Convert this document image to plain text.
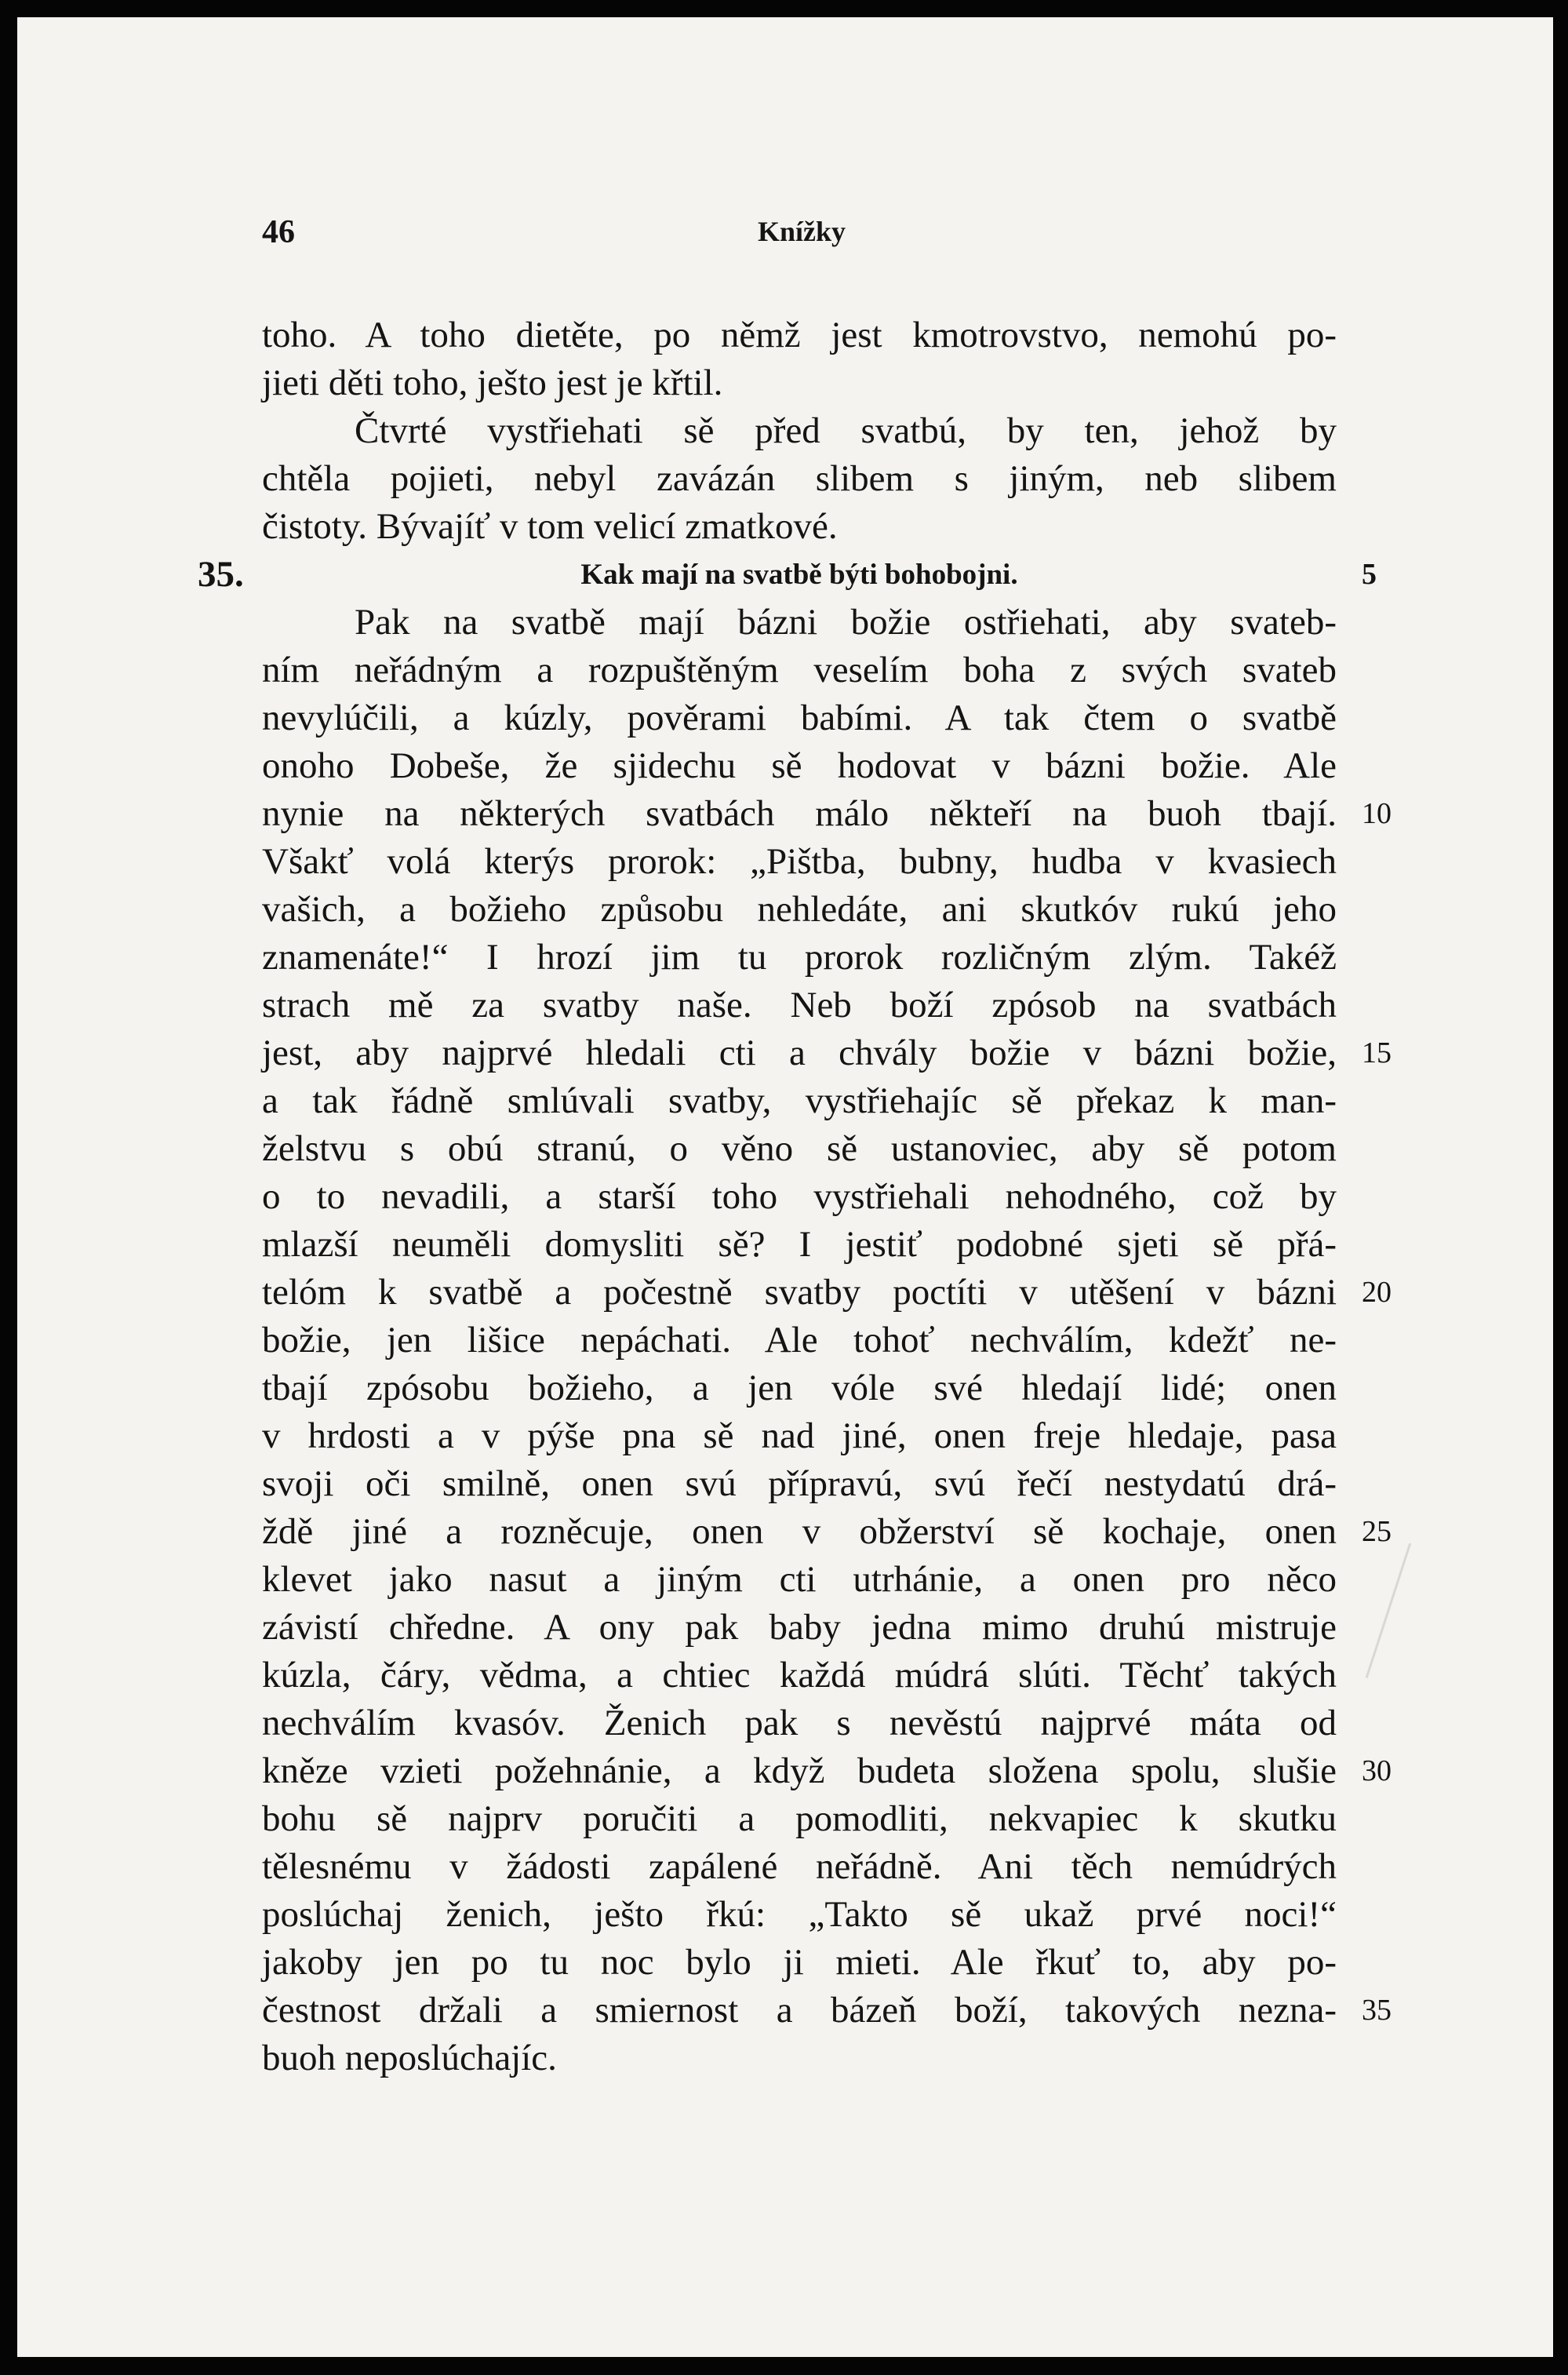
46	Knížky
toho. A toho dietěte, po němž jest kmotrovstvo, nemohú po-
jieti děti toho, ješto jest je křtil.
Čtvrté vystřiehati sě před svatbú, by ten, jehož by
chtěla pojieti, nebyl zavázán slibem s jiným, neb slibem
čistoty. Bývajíť v tom velicí zmatkové.
35.	Kak mají na svatbě býti bohobojni.	5
Pak na svatbě mají bázni božie ostřiehati, aby svateb-
ním neřádným a rozpuštěným veselím boha z svých svateb
nevylúčili, a kúzly, pověrami babími. A tak čtem o svatbě
onoho Dobeše, že sjidechu sě hodovat v bázni božie. Ale
nynie na některých svatbách málo někteří na buoh tbají. 10
Všakť volá kterýs prorok: „Pištba, bubny, hudba v kvasiech
vašich, a božieho způsobu nehledáte, ani skutkóv rukú jeho
znamenáte!“ I hrozí jim tu prorok rozličným zlým. Takéž
strach mě za svatby naše. Neb boží zpósob na svatbách
jest, aby najprvé hledali cti a chvály božie v bázni božie, 15
a tak řádně smlúvali svatby, vystřiehajíc sě překaz k man-
želstvu s obú stranú, o věno sě ustanoviec, aby sě potom
o to nevadili, a starší toho vystřiehali nehodného, což by
mlazší neuměli domysliti sě? I jestiť podobné sjeti sě přá-
telóm k svatbě a počestně svatby poctíti v utěšení v bázni 20
božie, jen lišice nepáchati. Ale tohoť nechválím, kdežť ne-
tbají zpósobu božieho, a jen vóle své hledají lidé; onen
v hrdosti a v pýše pna sě nad jiné, onen freje hledaje, pasa
svoji oči smilně, onen svú přípravú, svú řečí nestydatú drá-
ždě jiné a rozněcuje, onen v obžerství sě kochaje, onen 25
klevet jako nasut a jiným cti utrhánie, a onen pro něco
závistí chředne. A ony pak baby jedna mimo druhú mistruje
kúzla, čáry, vědma, a chtiec každá múdrá slúti. Těchť takých
nechválím kvasóv. Ženich pak s nevěstú najprvé máta od
kněze vzieti požehnánie, a když budeta složena spolu, slušie 30
bohu sě najprv poručiti a pomodliti, nekvapiec k skutku
tělesnému v žádosti zapálené neřádně. Ani těch nemúdrých
poslúchaj ženich, ješto řkú: „Takto sě ukaž prvé noci!“
jakoby jen po tu noc bylo ji mieti. Ale řkuť to, aby po-
čestnost držali a smiernost a bázeň boží, takových nezna- 35
buoh neposlúchajíc.
